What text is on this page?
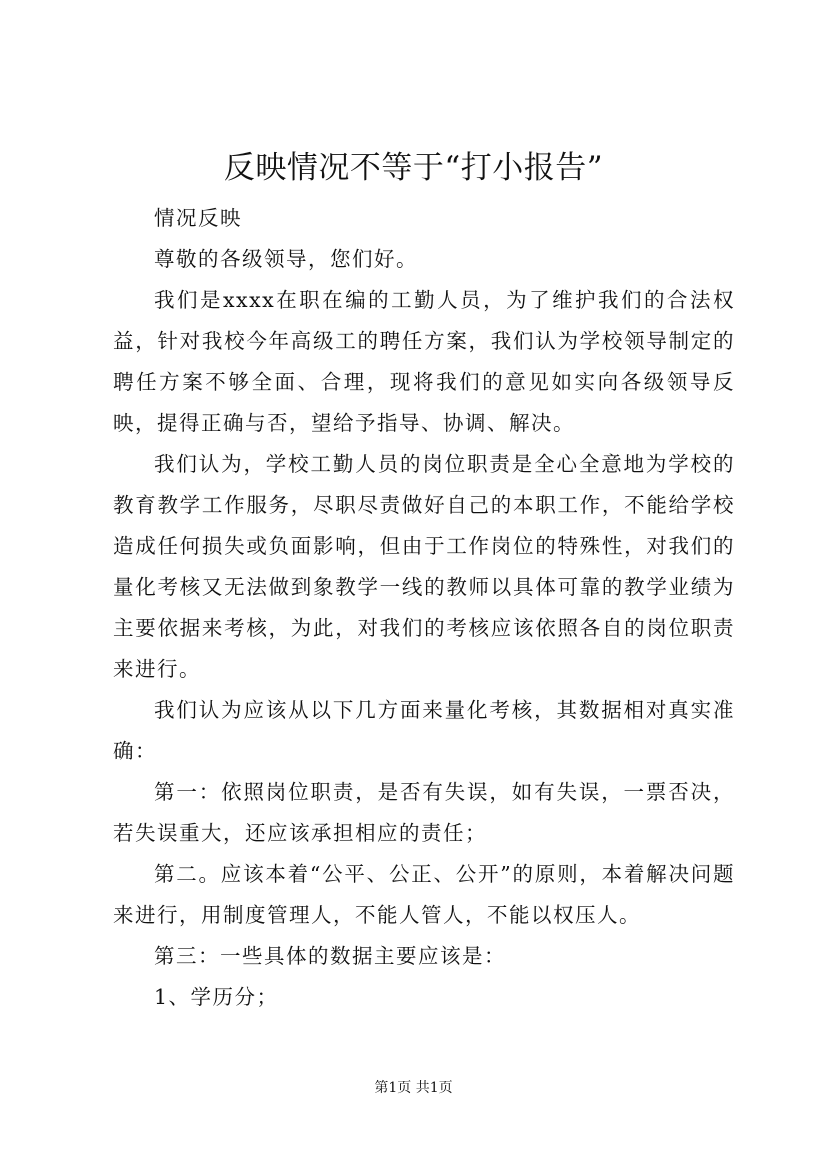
反映情况不等于“打小报告”

情况反映

尊敬的各级领导，您们好。

我们是xxxx在职在编的工勤人员，为了维护我们的合法权益，针对我校今年高级工的聘任方案，我们认为学校领导制定的聘任方案不够全面、合理，现将我们的意见如实向各级领导反映，提得正确与否，望给予指导、协调、解决。

我们认为，学校工勤人员的岗位职责是全心全意地为学校的教育教学工作服务，尽职尽责做好自己的本职工作，不能给学校造成任何损失或负面影响，但由于工作岗位的特殊性，对我们的量化考核又无法做到象教学一线的教师以具体可靠的教学业绩为主要依据来考核，为此，对我们的考核应该依照各自的岗位职责来进行。

我们认为应该从以下几方面来量化考核，其数据相对真实准确：

第一：依照岗位职责，是否有失误，如有失误，一票否决，若失误重大，还应该承担相应的责任；

第二。应该本着“公平、公正、公开”的原则，本着解决问题来进行，用制度管理人，不能人管人，不能以权压人。

第三：一些具体的数据主要应该是：

1、学历分；

第1页 共1页
